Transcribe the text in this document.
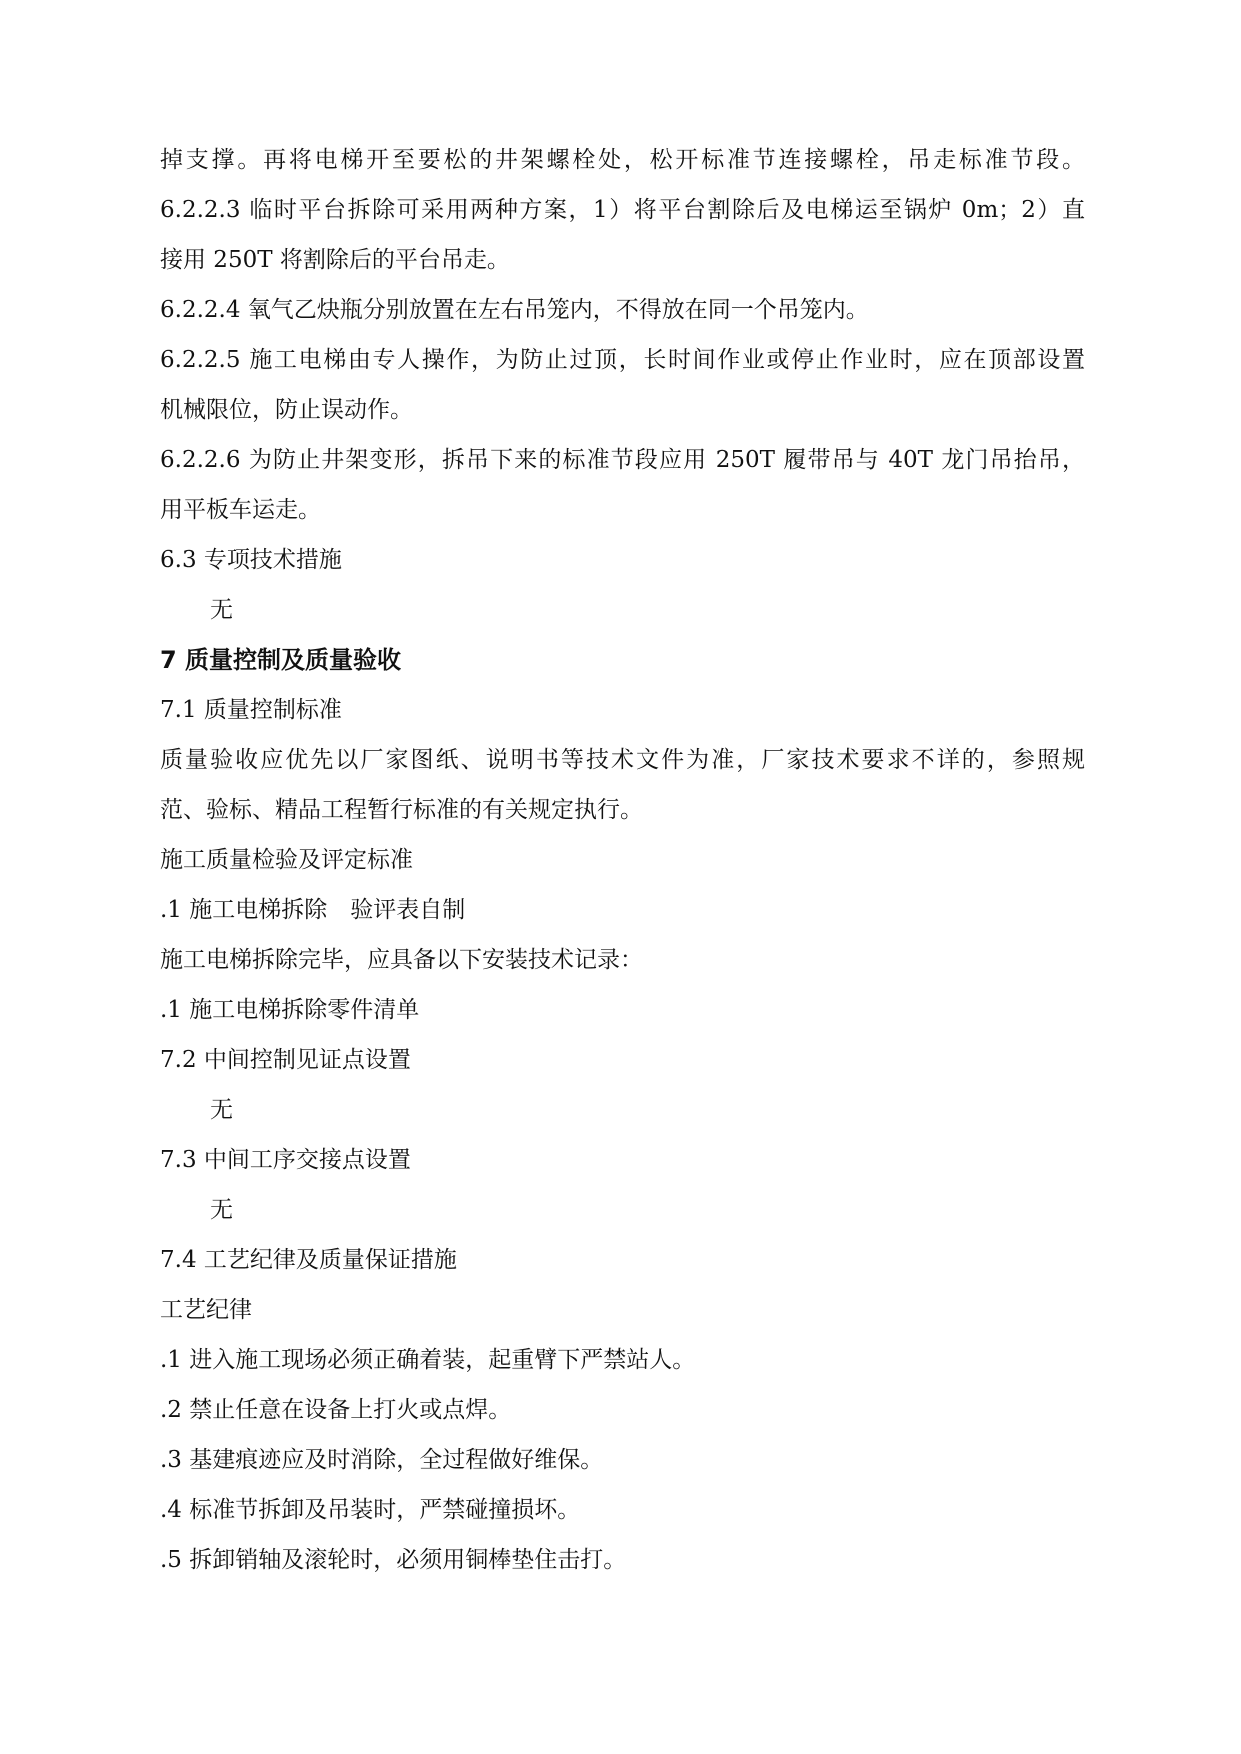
掉支撑。再将电梯开至要松的井架螺栓处，松开标准节连接螺栓，吊走标准节段。
6.2.2.3 临时平台拆除可采用两种方案，1）将平台割除后及电梯运至锅炉 0m；2）直
接用 250T 将割除后的平台吊走。
6.2.2.4 氧气乙炔瓶分别放置在左右吊笼内，不得放在同一个吊笼内。
6.2.2.5 施工电梯由专人操作，为防止过顶，长时间作业或停止作业时，应在顶部设置
机械限位，防止误动作。
6.2.2.6 为防止井架变形，拆吊下来的标准节段应用 250T 履带吊与 40T 龙门吊抬吊，
用平板车运走。
6.3 专项技术措施
无
7 质量控制及质量验收
7.1 质量控制标准
质量验收应优先以厂家图纸、说明书等技术文件为准，厂家技术要求不详的，参照规
范、验标、精品工程暂行标准的有关规定执行。
施工质量检验及评定标准
.1 施工电梯拆除　验评表自制
施工电梯拆除完毕，应具备以下安装技术记录：
.1 施工电梯拆除零件清单
7.2 中间控制见证点设置
无
7.3 中间工序交接点设置
无
7.4 工艺纪律及质量保证措施
工艺纪律
.1 进入施工现场必须正确着装，起重臂下严禁站人。
.2 禁止任意在设备上打火或点焊。
.3 基建痕迹应及时消除，全过程做好维保。
.4 标准节拆卸及吊装时，严禁碰撞损坏。
.5 拆卸销轴及滚轮时，必须用铜棒垫住击打。
